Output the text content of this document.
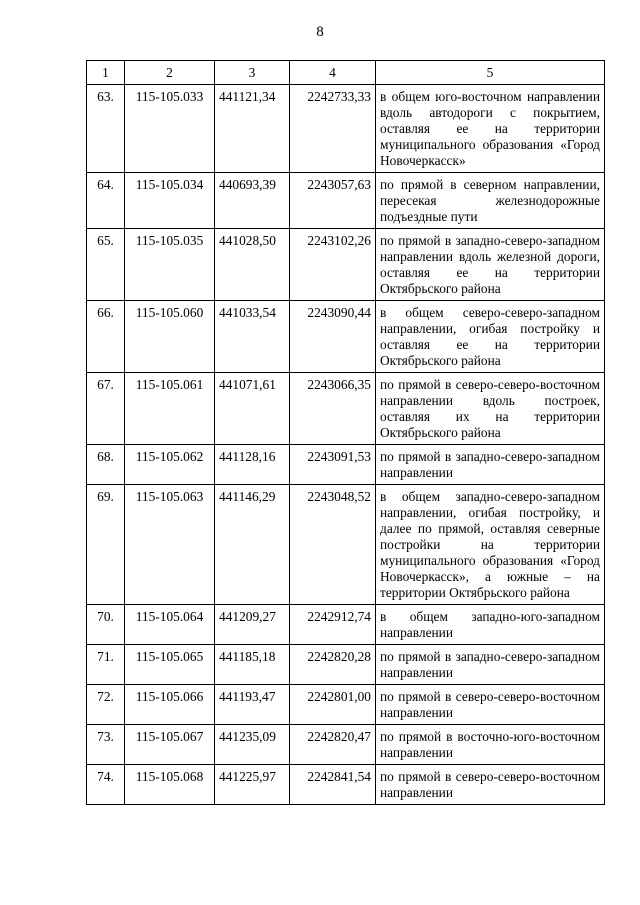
8
1	2	3	4	5
63.	115-105.033	441121,34	2242733,33	в общем юго-восточном направлении вдоль автодороги с покрытием, оставляя ее на территории муниципального образования «Город Новочеркасск»
64.	115-105.034	440693,39	2243057,63	по прямой в северном направлении, пересекая железнодорожные подъездные пути
65.	115-105.035	441028,50	2243102,26	по прямой в западно-северо-западном направлении вдоль железной дороги, оставляя ее на территории Октябрьского района
66.	115-105.060	441033,54	2243090,44	в общем северо-северо-западном направлении, огибая постройку и оставляя ее на территории Октябрьского района
67.	115-105.061	441071,61	2243066,35	по прямой в северо-северо-восточном направлении вдоль построек, оставляя их на территории Октябрьского района
68.	115-105.062	441128,16	2243091,53	по прямой в западно-северо-западном направлении
69.	115-105.063	441146,29	2243048,52	в общем западно-северо-западном направлении, огибая постройку, и далее по прямой, оставляя северные постройки на территории муниципального образования «Город Новочеркасск», а южные – на территории Октябрьского района
70.	115-105.064	441209,27	2242912,74	в общем западно-юго-западном направлении
71.	115-105.065	441185,18	2242820,28	по прямой в западно-северо-западном направлении
72.	115-105.066	441193,47	2242801,00	по прямой в северо-северо-восточном направлении
73.	115-105.067	441235,09	2242820,47	по прямой в восточно-юго-восточном направлении
74.	115-105.068	441225,97	2242841,54	по прямой в северо-северо-восточном направлении
